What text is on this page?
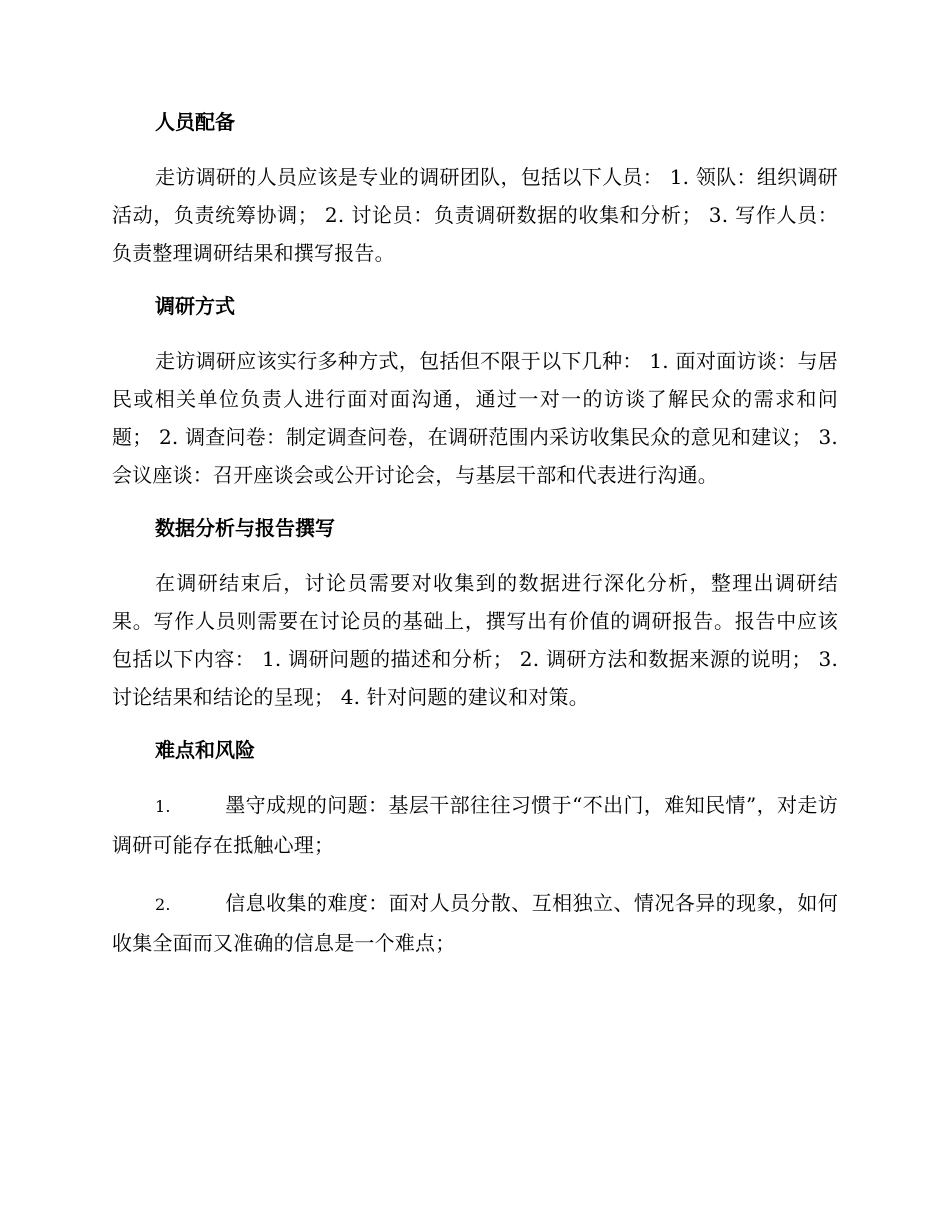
人员配备

走访调研的人员应该是专业的调研团队，包括以下人员： 1. 领队：组织调研活动，负责统筹协调； 2. 讨论员：负责调研数据的收集和分析； 3. 写作人员：负责整理调研结果和撰写报告。

调研方式

走访调研应该实行多种方式，包括但不限于以下几种： 1. 面对面访谈：与居民或相关单位负责人进行面对面沟通，通过一对一的访谈了解民众的需求和问题； 2. 调查问卷：制定调查问卷，在调研范围内采访收集民众的意见和建议； 3. 会议座谈：召开座谈会或公开讨论会，与基层干部和代表进行沟通。

数据分析与报告撰写

在调研结束后，讨论员需要对收集到的数据进行深化分析，整理出调研结果。写作人员则需要在讨论员的基础上，撰写出有价值的调研报告。报告中应该包括以下内容： 1. 调研问题的描述和分析； 2. 调研方法和数据来源的说明； 3. 讨论结果和结论的呈现； 4. 针对问题的建议和对策。

难点和风险

1.	墨守成规的问题：基层干部往往习惯于“不出门，难知民情”，对走访调研可能存在抵触心理；

2.	信息收集的难度：面对人员分散、互相独立、情况各异的现象，如何收集全面而又准确的信息是一个难点；
